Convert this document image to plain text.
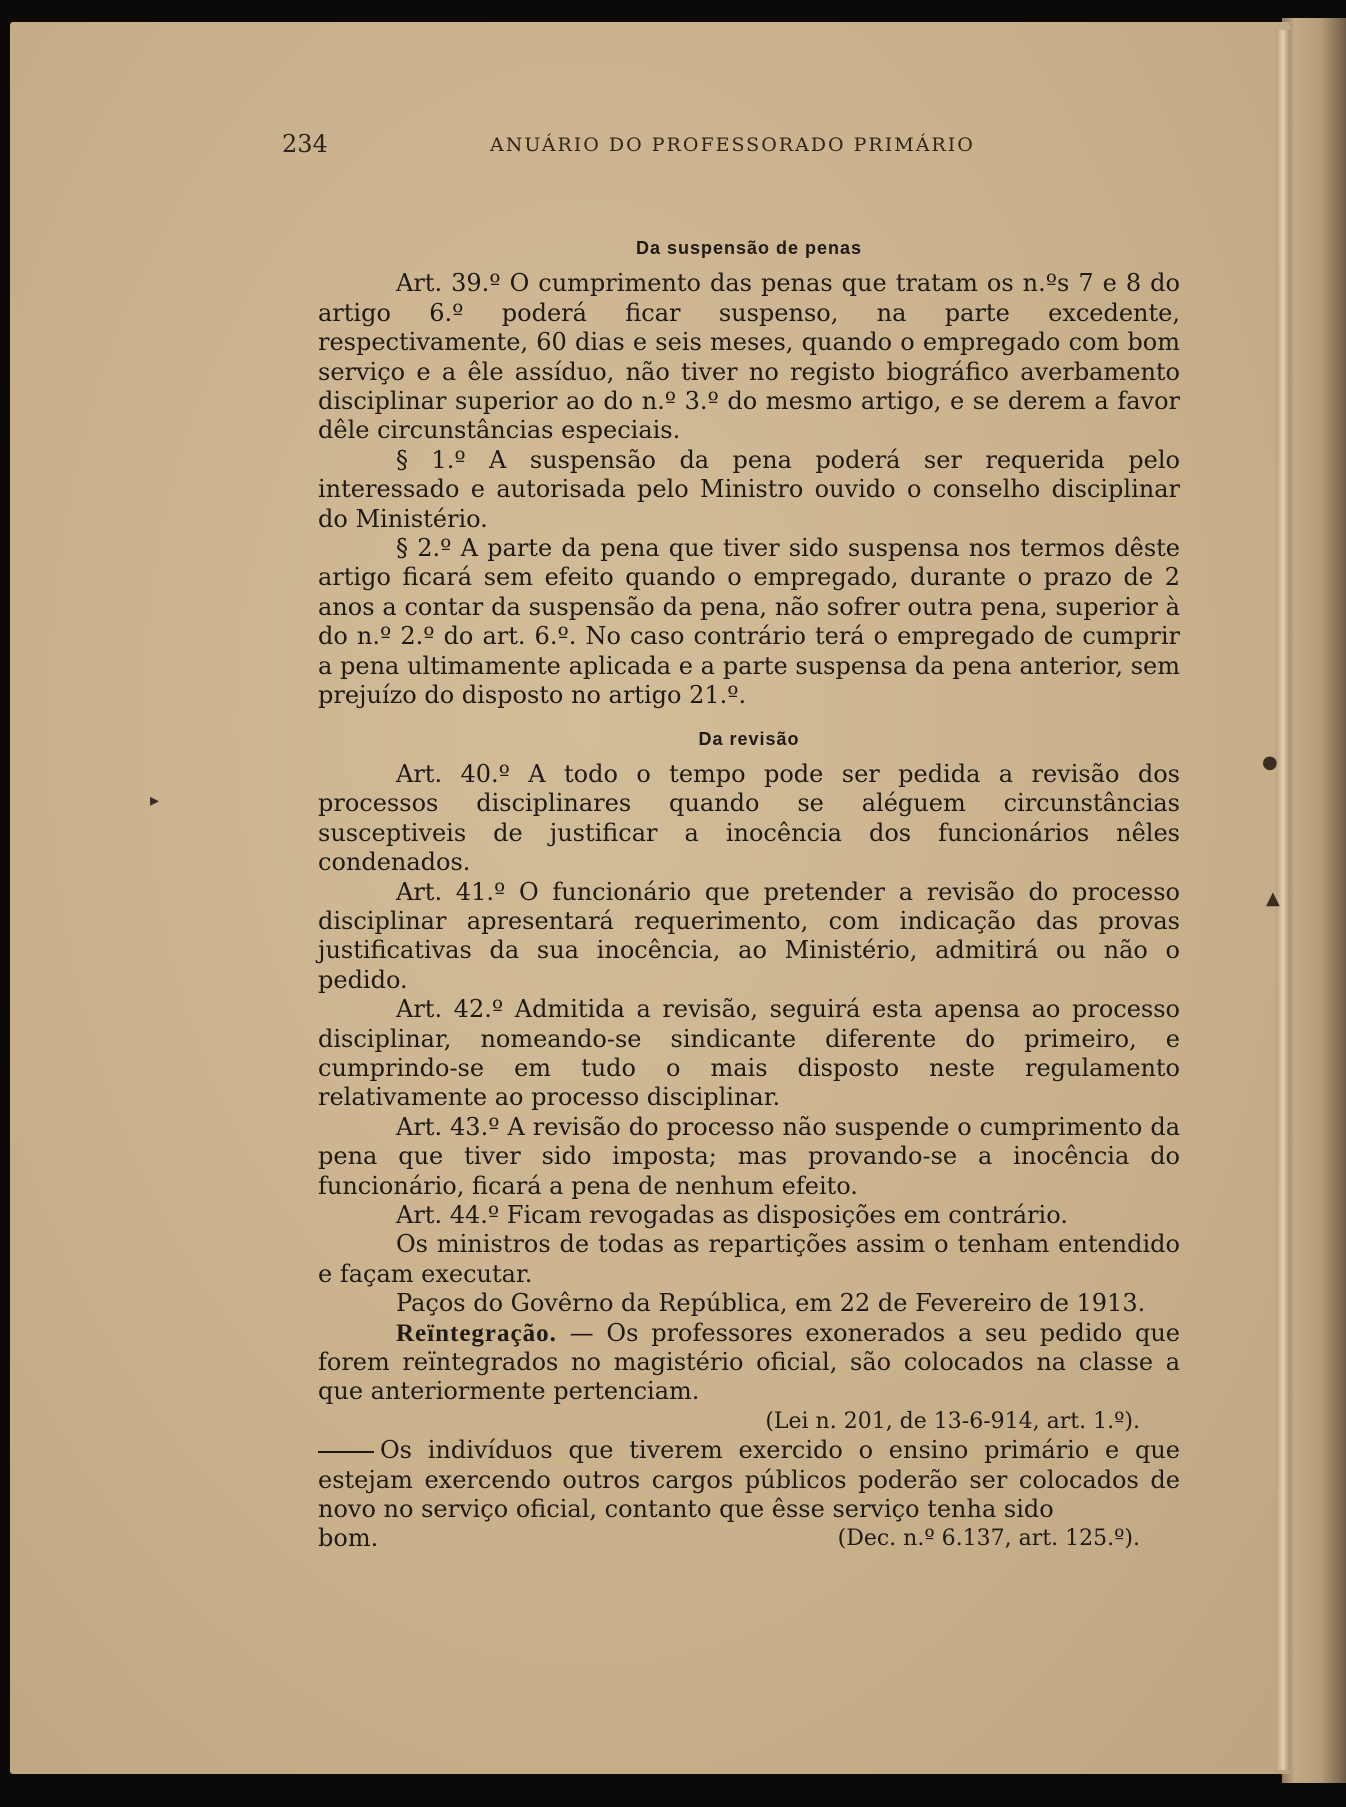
234	ANUÁRIO DO PROFESSORADO PRIMÁRIO
Da suspensão de penas

Art. 39.º O cumprimento das penas que tratam os n.ºs 7 e 8 do artigo 6.º poderá ficar suspenso, na parte excedente, respectivamente, 60 dias e seis meses, quando o empregado com bom serviço e a êle assíduo, não tiver no registo biográfico averbamento disciplinar superior ao do n.º 3.º do mesmo artigo, e se derem a favor dêle circunstâncias especiais.

§ 1.º A suspensão da pena poderá ser requerida pelo interessado e autorisada pelo Ministro ouvido o conselho disciplinar do Ministério.

§ 2.º A parte da pena que tiver sido suspensa nos termos dêste artigo ficará sem efeito quando o empregado, durante o prazo de 2 anos a contar da suspensão da pena, não sofrer outra pena, superior à do n.º 2.º do art. 6.º. No caso contrário terá o empregado de cumprir a pena ultimamente aplicada e a parte suspensa da pena anterior, sem prejuízo do disposto no artigo 21.º.

Da revisão

Art. 40.º A todo o tempo pode ser pedida a revisão dos processos disciplinares quando se aléguem circunstâncias susceptiveis de justificar a inocência dos funcionários nêles condenados.

Art. 41.º O funcionário que pretender a revisão do processo disciplinar apresentará requerimento, com indicação das provas justificativas da sua inocência, ao Ministério, admitirá ou não o pedido.

Art. 42.º Admitida a revisão, seguirá esta apensa ao processo disciplinar, nomeando-se sindicante diferente do primeiro, e cumprindo-se em tudo o mais disposto neste regulamento relativamente ao processo disciplinar.

Art. 43.º A revisão do processo não suspende o cumprimento da pena que tiver sido imposta; mas provando-se a inocência do funcionário, ficará a pena de nenhum efeito.

Art. 44.º Ficam revogadas as disposições em contrário.

Os ministros de todas as repartições assim o tenham entendido e façam executar.

Paços do Govêrno da República, em 22 de Fevereiro de 1913.

Reïntegração. — Os professores exonerados a seu pedido que forem reïntegrados no magistério oficial, são colocados na classe a que anteriormente pertenciam.

(Lei n. 201, de 13-6-914, art. 1.º).

Os indivíduos que tiverem exercido o ensino primário e que estejam exercendo outros cargos públicos poderão ser colocados de novo no serviço oficial, contanto que êsse serviço tenha sido

bom.	(Dec. n.º 6.137, art. 125.º).
▸
●
▲
